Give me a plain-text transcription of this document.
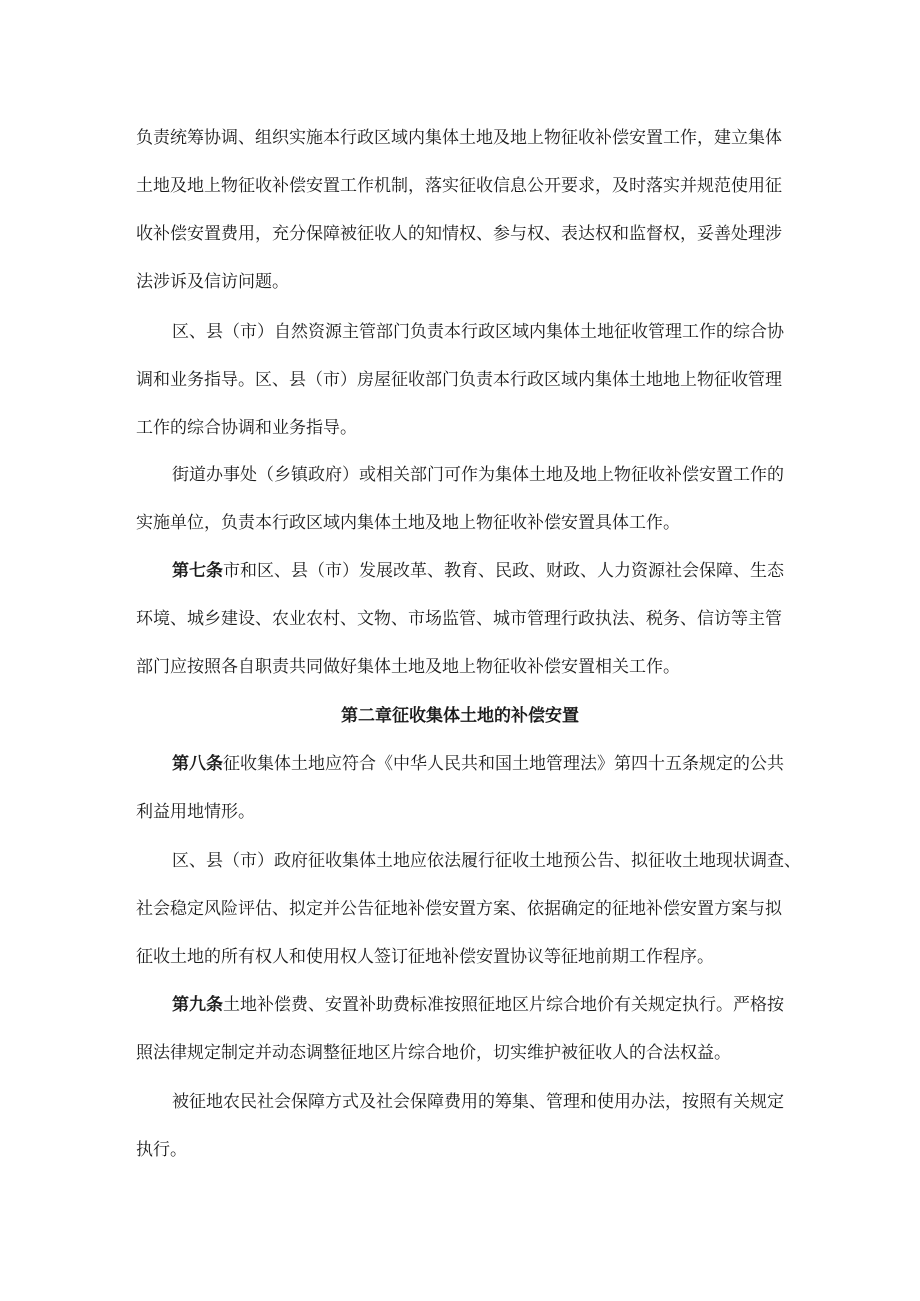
负责统筹协调、组织实施本行政区域内集体土地及地上物征收补偿安置工作，建立集体

土地及地上物征收补偿安置工作机制，落实征收信息公开要求，及时落实并规范使用征

收补偿安置费用，充分保障被征收人的知情权、参与权、表达权和监督权，妥善处理涉

法涉诉及信访问题。

区、县（市）自然资源主管部门负责本行政区域内集体土地征收管理工作的综合协

调和业务指导。区、县（市）房屋征收部门负责本行政区域内集体土地地上物征收管理

工作的综合协调和业务指导。

街道办事处（乡镇政府）或相关部门可作为集体土地及地上物征收补偿安置工作的

实施单位，负责本行政区域内集体土地及地上物征收补偿安置具体工作。

第七条市和区、县（市）发展改革、教育、民政、财政、人力资源社会保障、生态

环境、城乡建设、农业农村、文物、市场监管、城市管理行政执法、税务、信访等主管

部门应按照各自职责共同做好集体土地及地上物征收补偿安置相关工作。

第二章征收集体土地的补偿安置

第八条征收集体土地应符合《中华人民共和国土地管理法》第四十五条规定的公共

利益用地情形。

区、县（市）政府征收集体土地应依法履行征收土地预公告、拟征收土地现状调查、

社会稳定风险评估、拟定并公告征地补偿安置方案、依据确定的征地补偿安置方案与拟

征收土地的所有权人和使用权人签订征地补偿安置协议等征地前期工作程序。

第九条土地补偿费、安置补助费标准按照征地区片综合地价有关规定执行。严格按

照法律规定制定并动态调整征地区片综合地价，切实维护被征收人的合法权益。

被征地农民社会保障方式及社会保障费用的筹集、管理和使用办法，按照有关规定

执行。
